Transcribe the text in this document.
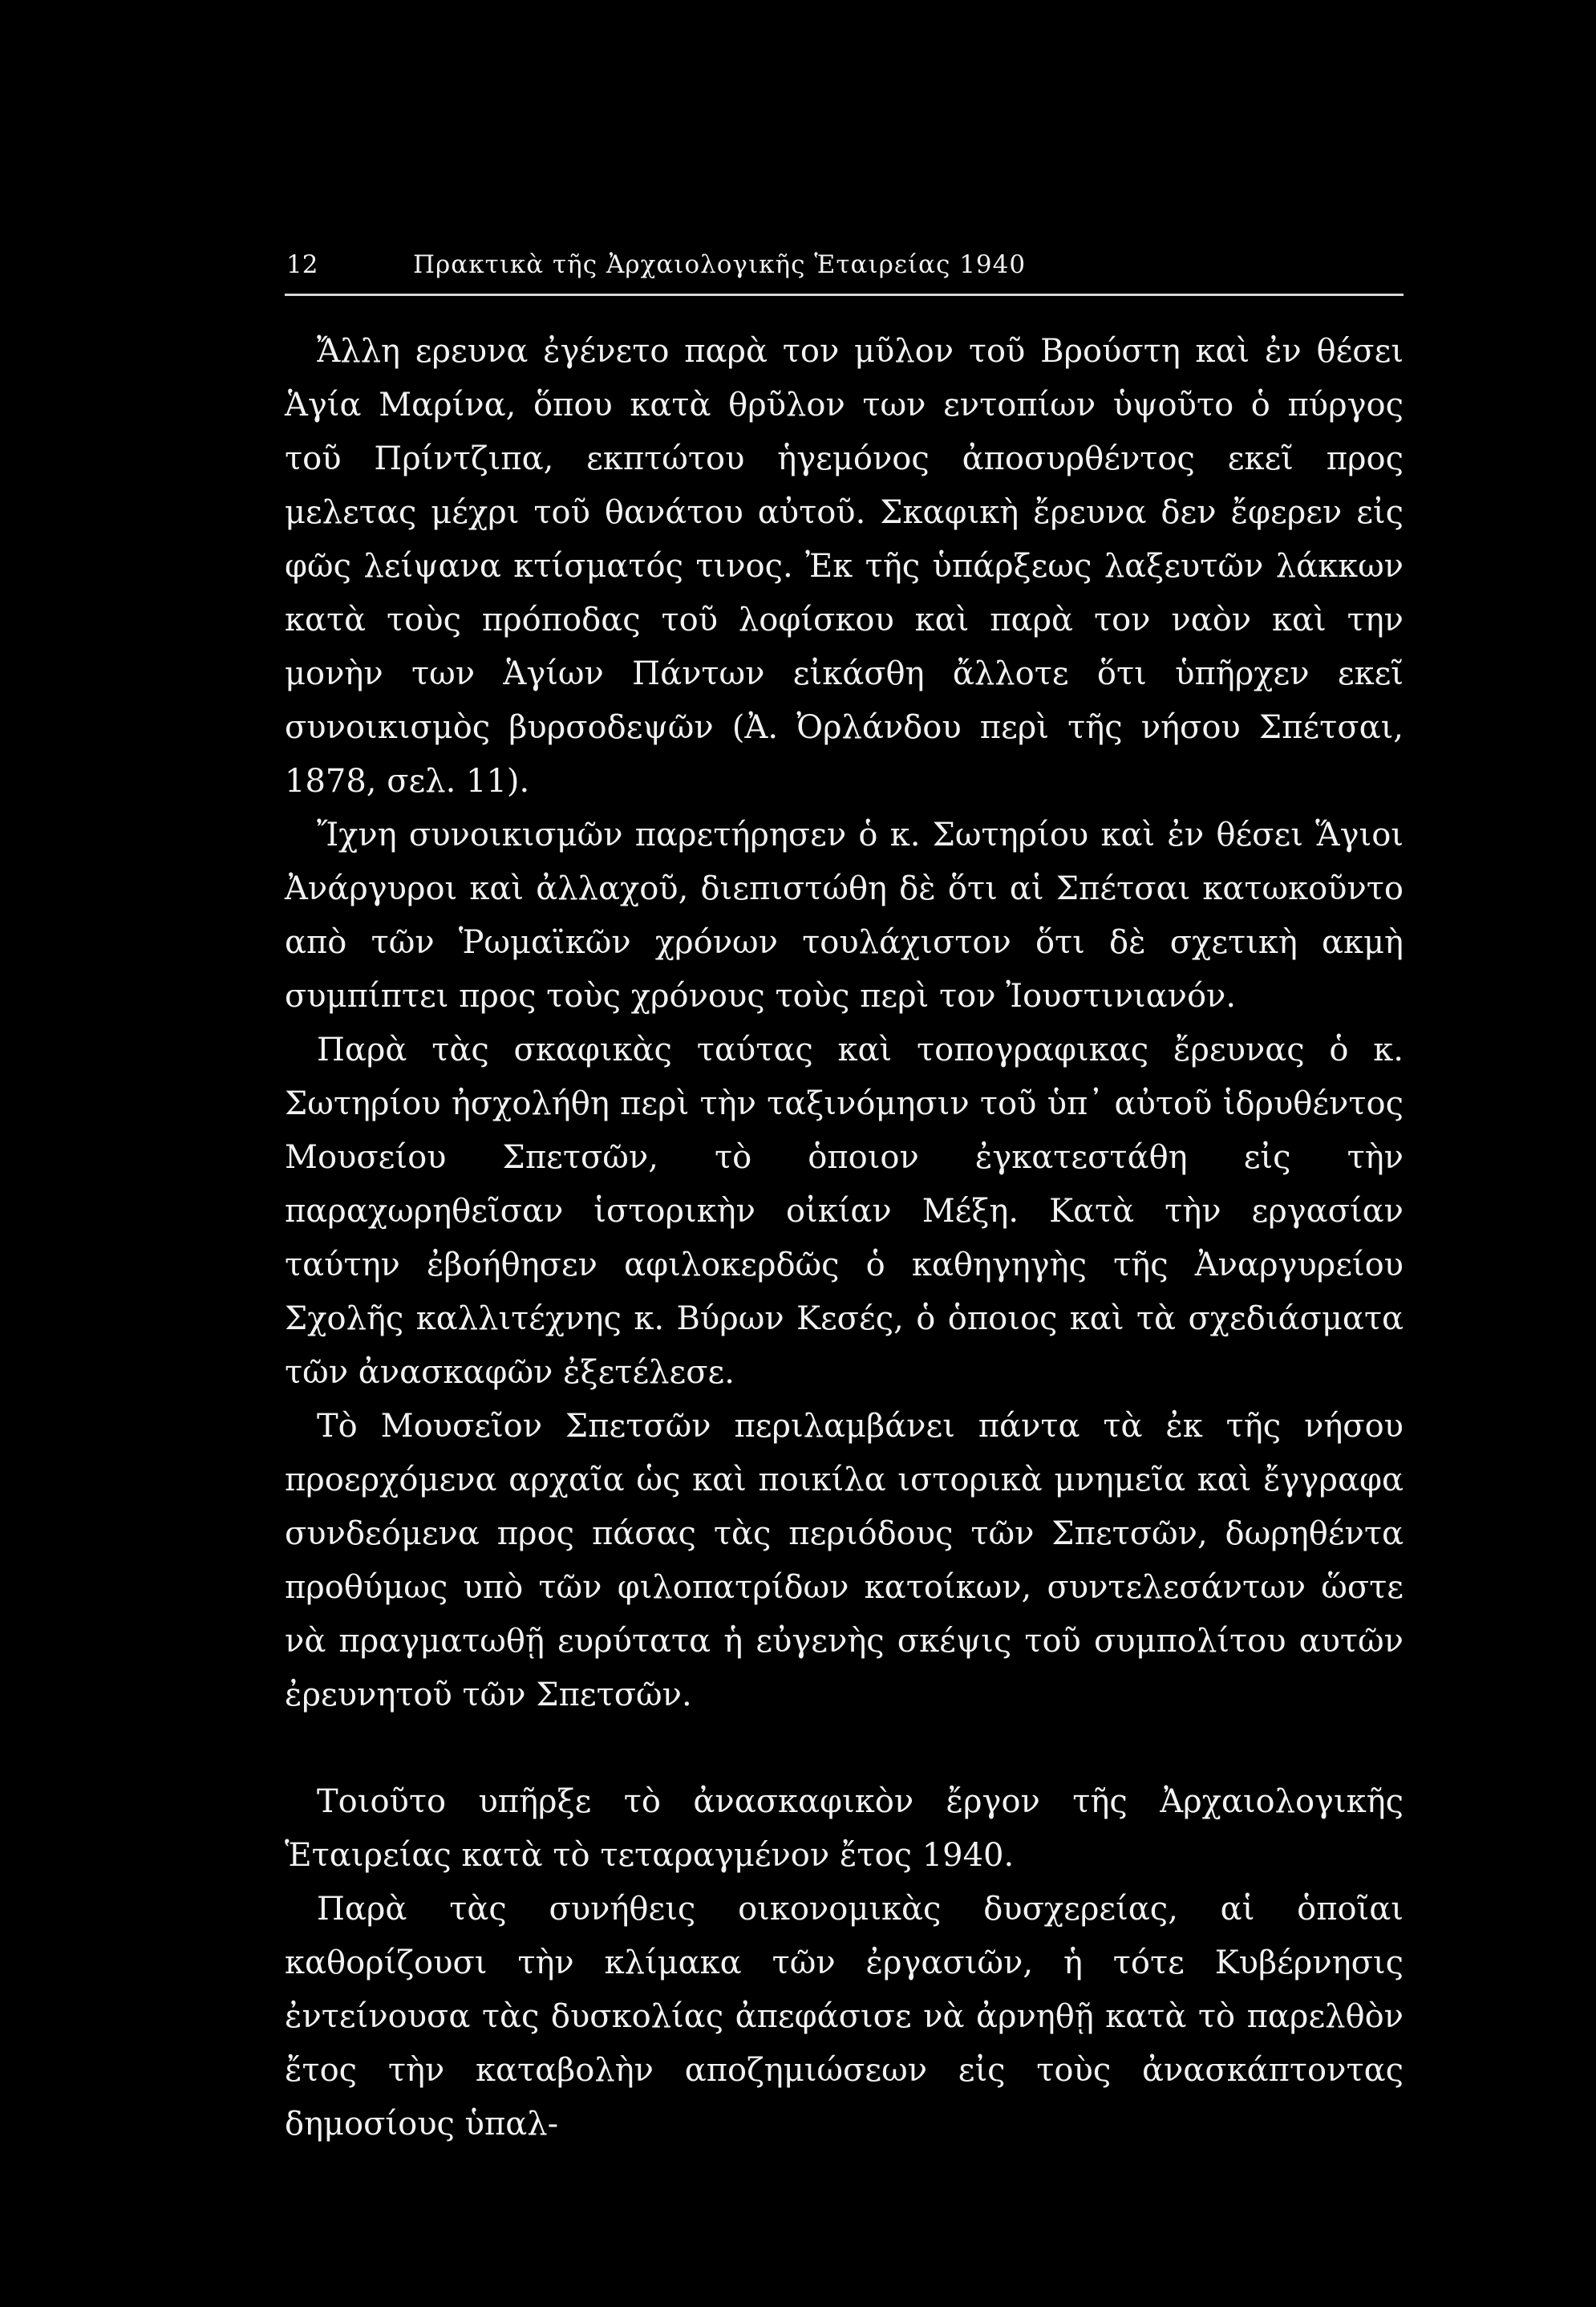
12	Πρακτικὰ τῆς Ἀρχαιολογικῆς Ἑταιρείας 1940

Ἄλλη ερευνα ἐγένετο παρὰ τον μῦλον τοῦ Βρούστη καὶ ἐν θέσει Ἁγία Μαρίνα, ὅπου κατὰ θρῦλον των εντοπίων ὑψοῦτο ὁ πύργος τοῦ Πρίντζιπα, εκπτώτου ἡγεμόνος ἀποσυρθέντος εκεῖ προς μελετας μέχρι τοῦ θανάτου αὐτοῦ. Σκαφικὴ ἔρευνα δεν ἔφερεν εἰς φῶς λείψανα κτίσματός τινος. Ἐκ τῆς ὑπάρξεως λαξευτῶν λάκκων κατὰ τοὺς πρόποδας τοῦ λοφίσκου καὶ παρὰ τον ναὸν καὶ την μονὴν των Ἁγίων Πάντων εἰκάσθη ἄλλοτε ὅτι ὑπῆρχεν εκεῖ συνοικισμὸς βυρσοδεψῶν (Ἀ. Ὀρλάνδου περὶ τῆς νήσου Σπέτσαι, 1878, σελ. 11).

Ἴχνη συνοικισμῶν παρετήρησεν ὁ κ. Σωτηρίου καὶ ἐν θέσει Ἅγιοι Ἀνάργυροι καὶ ἀλλαχοῦ, διεπιστώθη δὲ ὅτι αἱ Σπέτσαι κατωκοῦντο απὸ τῶν Ῥωμαϊκῶν χρόνων τουλάχιστον ὅτι δὲ σχετικὴ ακμὴ συμπίπτει προς τοὺς χρόνους τοὺς περὶ τον Ἰουστινιανόν.

Παρὰ τὰς σκαφικὰς ταύτας καὶ τοπογραφικας ἔρευνας ὁ κ. Σωτηρίου ἠσχολήθη περὶ τὴν ταξινόμησιν τοῦ ὑπ᾽ αὐτοῦ ἱδρυθέντος Μουσείου Σπετσῶν, τὸ ὁποιον ἐγκατεστάθη εἰς τὴν παραχωρηθεῖσαν ἱστορικὴν οἰκίαν Μέξη. Κατὰ τὴν εργασίαν ταύτην ἐβοήθησεν αφιλοκερδῶς ὁ καθηγηγὴς τῆς Ἀναργυρείου Σχολῆς καλλιτέχνης κ. Βύρων Κεσές, ὁ ὁποιος καὶ τὰ σχεδιάσματα τῶν ἀνασκαφῶν ἐξετέλεσε.

Τὸ Μουσεῖον Σπετσῶν περιλαμβάνει πάντα τὰ ἐκ τῆς νήσου προερχόμενα αρχαῖα ὡς καὶ ποικίλα ιστορικὰ μνημεῖα καὶ ἔγγραφα συνδεόμενα προς πάσας τὰς περιόδους τῶν Σπετσῶν, δωρηθέντα προθύμως υπὸ τῶν φιλοπατρίδων κατοίκων, συντελεσάντων ὥστε νὰ πραγματωθῇ ευρύτατα ἡ εὐγενὴς σκέψις τοῦ συμπολίτου αυτῶν ἐρευνητοῦ τῶν Σπετσῶν.

Τοιοῦτο υπῆρξε τὸ ἀνασκαφικὸν ἔργον τῆς Ἀρχαιολογικῆς Ἑταιρείας κατὰ τὸ τεταραγμένον ἔτος 1940.

Παρὰ τὰς συνήθεις οικονομικὰς δυσχερείας, αἱ ὁποῖαι καθορίζουσι τὴν κλίμακα τῶν ἐργασιῶν, ἡ τότε Κυβέρνησις ἐντείνουσα τὰς δυσκολίας ἀπεφάσισε νὰ ἀρνηθῇ κατὰ τὸ παρελθὸν ἔτος τὴν καταβολὴν αποζημιώσεων εἰς τοὺς ἀνασκάπτοντας δημοσίους ὑπαλ-
